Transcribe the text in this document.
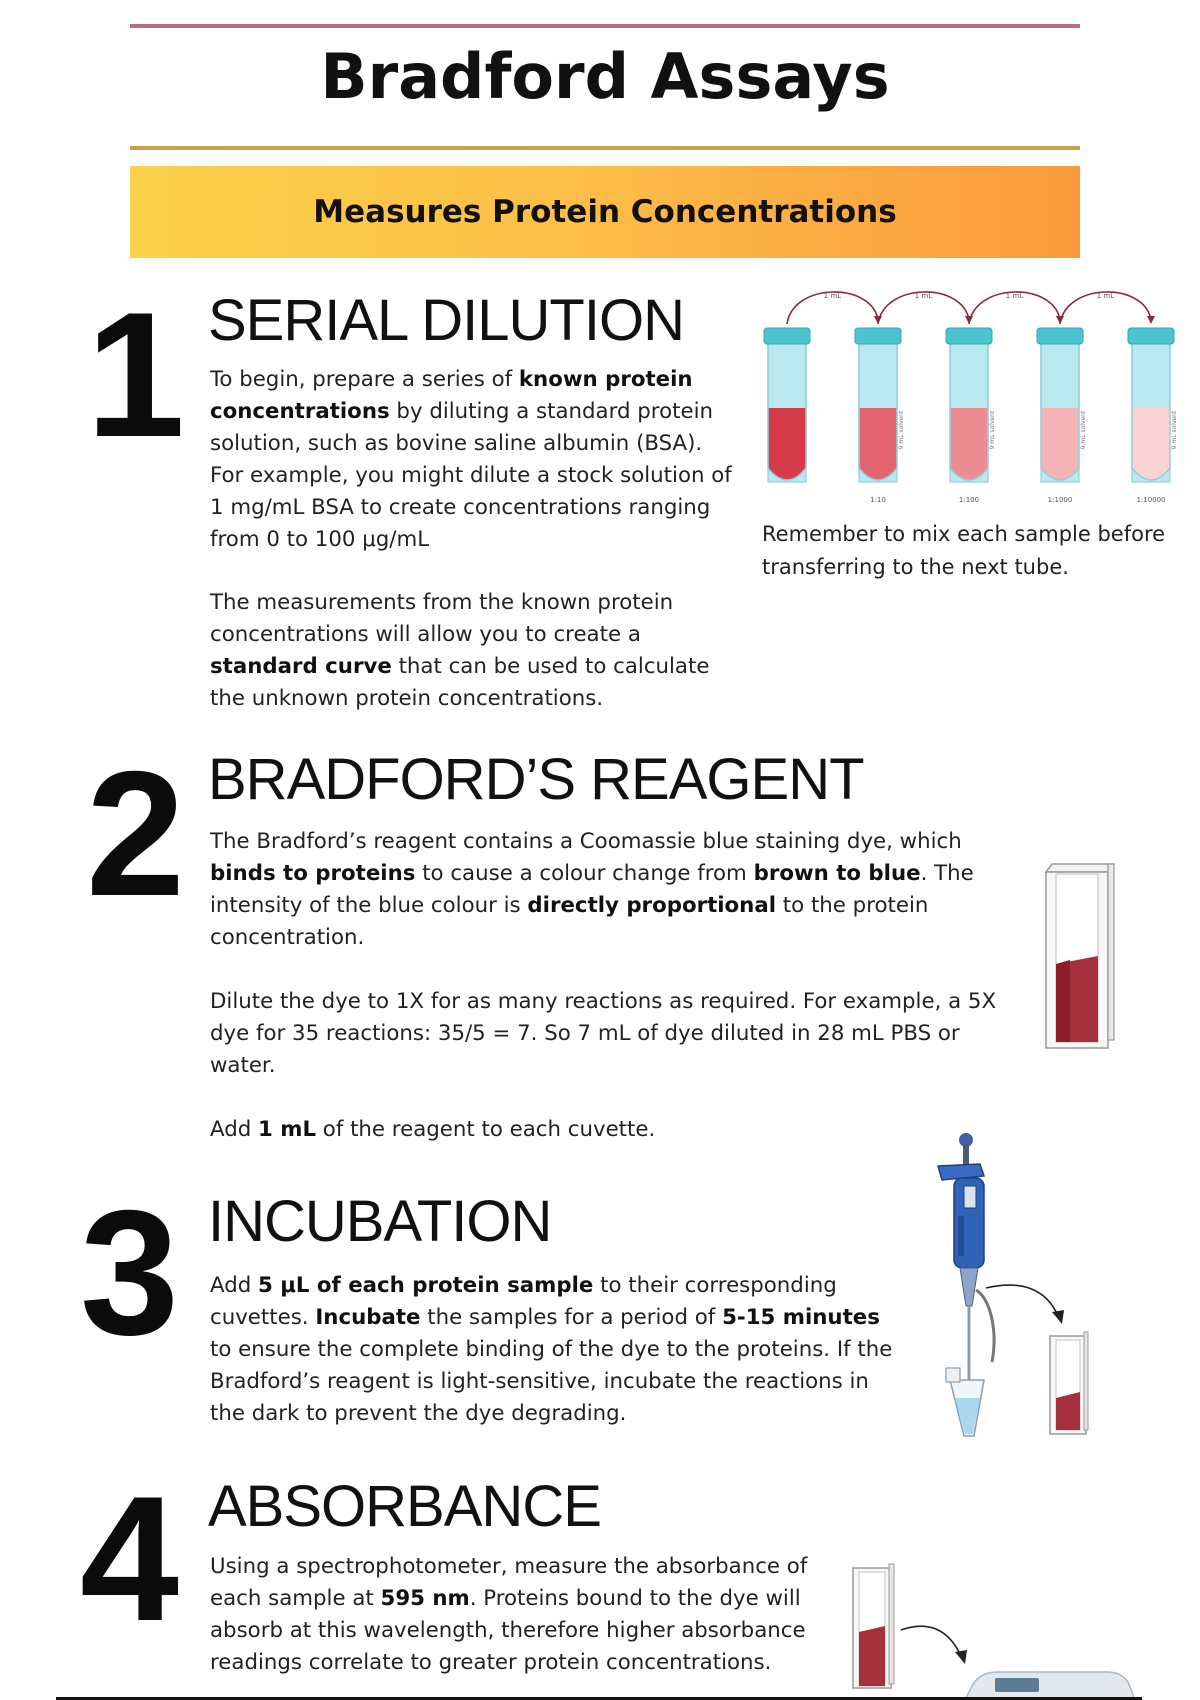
Bradford Assays
Measures Protein Concentrations
1 SERIAL DILUTION

To begin, prepare a series of known protein concentrations by diluting a standard protein solution, such as bovine saline albumin (BSA). For example, you might dilute a stock solution of 1 mg/mL BSA to create concentrations ranging from 0 to 100 μg/mL

The measurements from the known protein concentrations will allow you to create a standard curve that can be used to calculate the unknown protein concentrations.

1 mL
9 mL solvent
1:10
1 mL
9 mL solvent
1:100
1 mL
9 mL solvent
1:1000
1 mL
9 mL solvent
1:10000
Remember to mix each sample before transferring to the next tube.
2 BRADFORD’S REAGENT

The Bradford’s reagent contains a Coomassie blue staining dye, which binds to proteins to cause a colour change from brown to blue. The intensity of the blue colour is directly proportional to the protein concentration.

Dilute the dye to 1X for as many reactions as required. For example, a 5X dye for 35 reactions: 35/5 = 7. So 7 mL of dye diluted in 28 mL PBS or water.

Add 1 mL of the reagent to each cuvette.

3 INCUBATION

Add 5 μL of each protein sample to their corresponding cuvettes. Incubate the samples for a period of 5-15 minutes to ensure the complete binding of the dye to the proteins. If the Bradford’s reagent is light-sensitive, incubate the reactions in the dark to prevent the dye degrading.

4 ABSORBANCE

Using a spectrophotometer, measure the absorbance of each sample at 595 nm. Proteins bound to the dye will absorb at this wavelength, therefore higher absorbance readings correlate to greater protein concentrations.
